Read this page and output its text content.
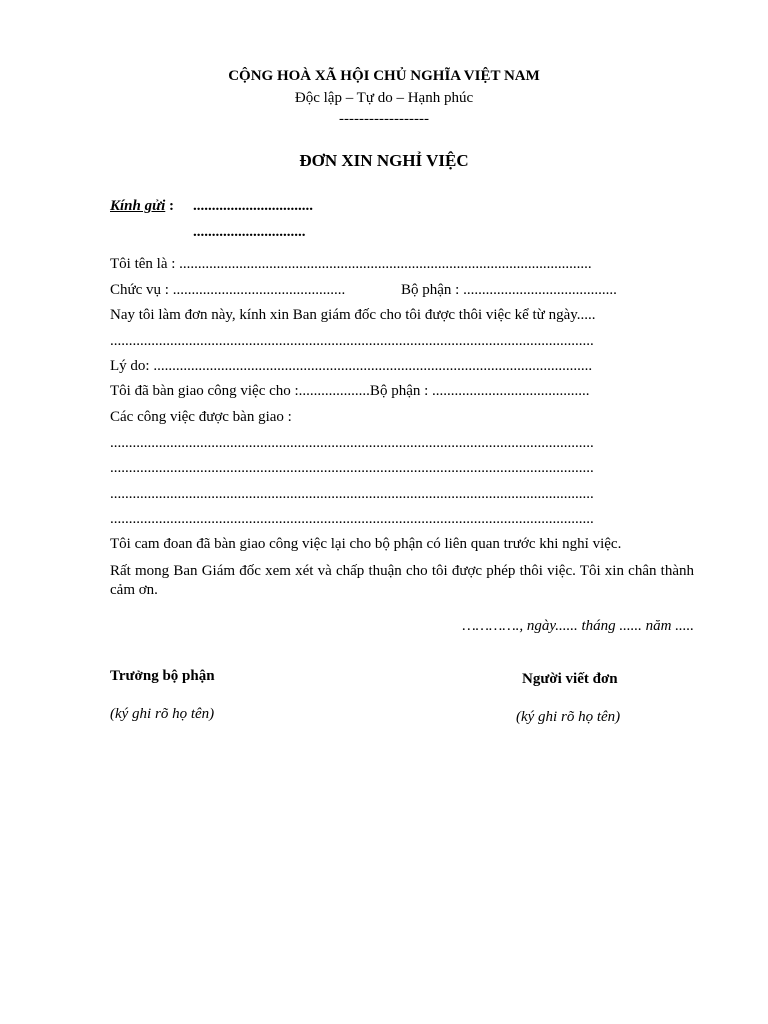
CỘNG HOÀ XÃ HỘI CHỦ NGHĨA VIỆT NAM
Độc lập – Tự do – Hạnh phúc
------------------
ĐƠN XIN NGHỈ VIỆC
Kính gửi : ................................
..............................
Tôi tên là : ..............................................................................................................
Chức vụ : ..............................................	Bộ phận : .........................................
Nay tôi làm đơn này, kính xin Ban giám đốc cho tôi được thôi việc kể từ ngày.....
.................................................................................................................................
Lý do: .....................................................................................................................
Tôi đã bàn giao công việc cho :...................Bộ phận : ..........................................
Các công việc được bàn giao :
.................................................................................................................................
.................................................................................................................................
.................................................................................................................................
.................................................................................................................................
Tôi cam đoan đã bàn giao công việc lại cho bộ phận có liên quan trước khi nghỉ việc.
Rất mong Ban Giám đốc xem xét và chấp thuận cho tôi được phép thôi việc. Tôi xin chân thành cảm ơn.
…………., ngày...... tháng ...... năm .....
Trưởng bộ phận
(ký ghi rõ họ tên)
Người viết đơn
(ký ghi rõ họ tên)
